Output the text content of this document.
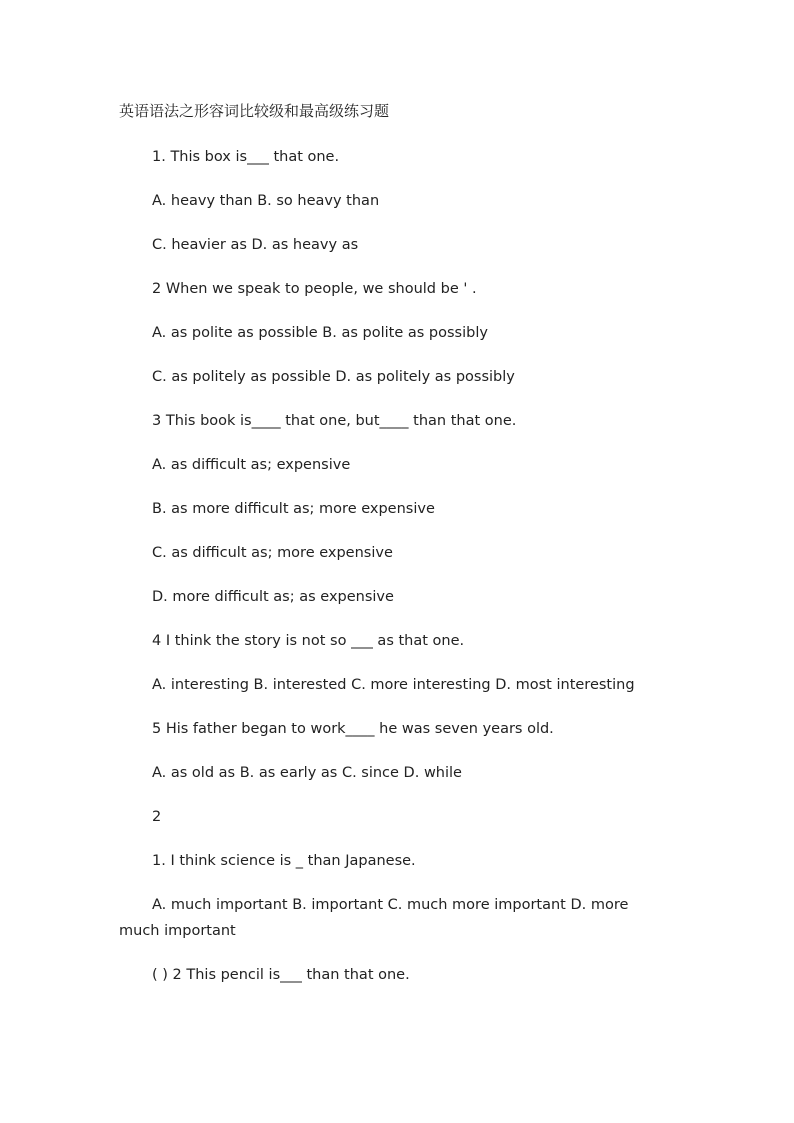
英语语法之形容词比较级和最高级练习题
1. This box is___ that one.
A. heavy than B. so heavy than
C. heavier as D. as heavy as
2 When we speak to people, we should be ' .
A. as polite as possible B. as polite as possibly
C. as politely as possible D. as politely as possibly
3 This book is____ that one, but____ than that one.
A. as difficult as; expensive
B. as more difficult as; more expensive
C. as difficult as; more expensive
D. more difficult as; as expensive
4 I think the story is not so ___ as that one.
A. interesting B. interested C. more interesting D. most interesting
5 His father began to work____ he was seven years old.
A. as old as B. as early as C. since D. while
2
1. I think science is _ than Japanese.
A. much important B. important C. much more important D. more much important
( ) 2 This pencil is___ than that one.
